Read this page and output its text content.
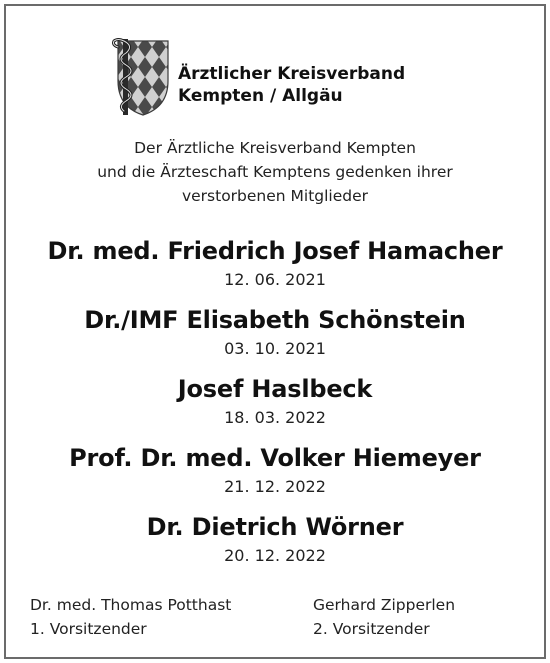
Ärztlicher Kreisverband
Kempten / Allgäu
Der Ärztliche Kreisverband Kempten
und die Ärzteschaft Kemptens gedenken ihrer
verstorbenen Mitglieder
Dr. med. Friedrich Josef Hamacher
12. 06. 2021
Dr./IMF Elisabeth Schönstein
03. 10. 2021
Josef Haslbeck
18. 03. 2022
Prof. Dr. med. Volker Hiemeyer
21. 12. 2022
Dr. Dietrich Wörner
20. 12. 2022
Dr. med. Thomas Potthast
1. Vorsitzender
Gerhard Zipperlen
2. Vorsitzender
